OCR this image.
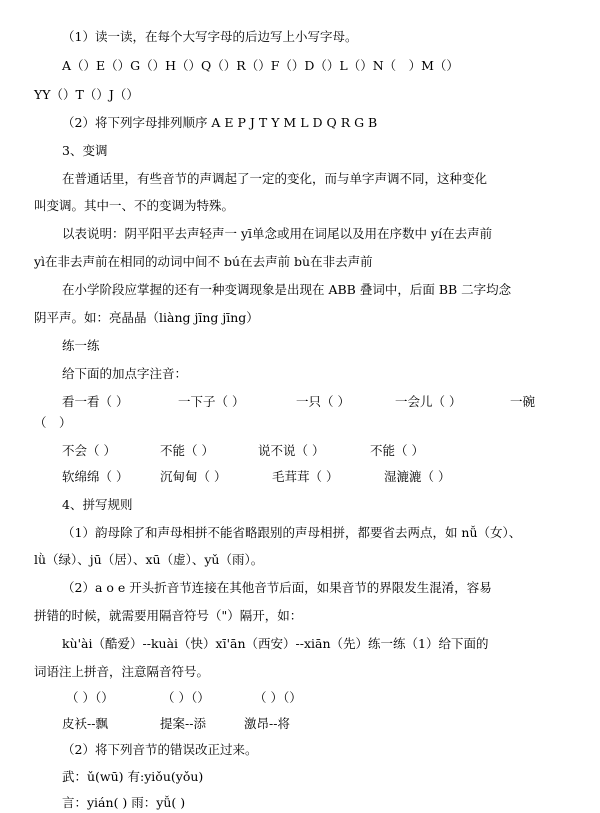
（1）读一读，在每个大写字母的后边写上小写字母。
A（）E（）G（）H（）Q（）R（）F（）D（）L（）N（　）M（）
YY（）T（）J（）
（2）将下列字母排列顺序 A E P J T Y M L D Q R G B
3、变调
在普通话里，有些音节的声调起了一定的变化，而与单字声调不同，这种变化
叫变调。其中一、不的变调为特殊。
以表说明：阴平阳平去声轻声一 yī单念或用在词尾以及用在序数中 yí在去声前
yì在非去声前在相同的动词中间不 bú在去声前 bù在非去声前
在小学阶段应掌握的还有一种变调现象是出现在 ABB 叠词中，后面 BB 二字均念
阴平声。如：亮晶晶（liàng jīng jīng）
练一练
给下面的加点字注音：
看一看（ ）	一下子（ ）	一只（ ）	一会儿（ ）	一碗
（　）
不会（ ）	不能（ ）	说不说（ ）	不能（ ）
软绵绵（ ）	沉甸甸（ ）	毛茸茸（ ）	湿漉漉（ ）
4、拼写规则
（1）韵母除了和声母相拼不能省略跟别的声母相拼，都要省去两点，如 nǚ（女）、
lǜ（绿）、jū（居）、xū（虚）、yǔ（雨）。
（2）a o e 开头折音节连接在其他音节后面，如果音节的界限发生混淆，容易
拼错的时候，就需要用隔音符号（"）隔开，如：
kù'ài（酷爱）--kuài（快）xī'ān（西安）--xiān（先）练一练（1）给下面的
词语注上拼音，注意隔音符号。
（ ）（）	（ ）（）	（ ）（）
皮袄--飘	提案--添	激昂--将
（2）将下列音节的错误改正过来。
武：ǔ(wū) 有:yiǒu(yǒu)
言：yián( ) 雨：yǚ( )
